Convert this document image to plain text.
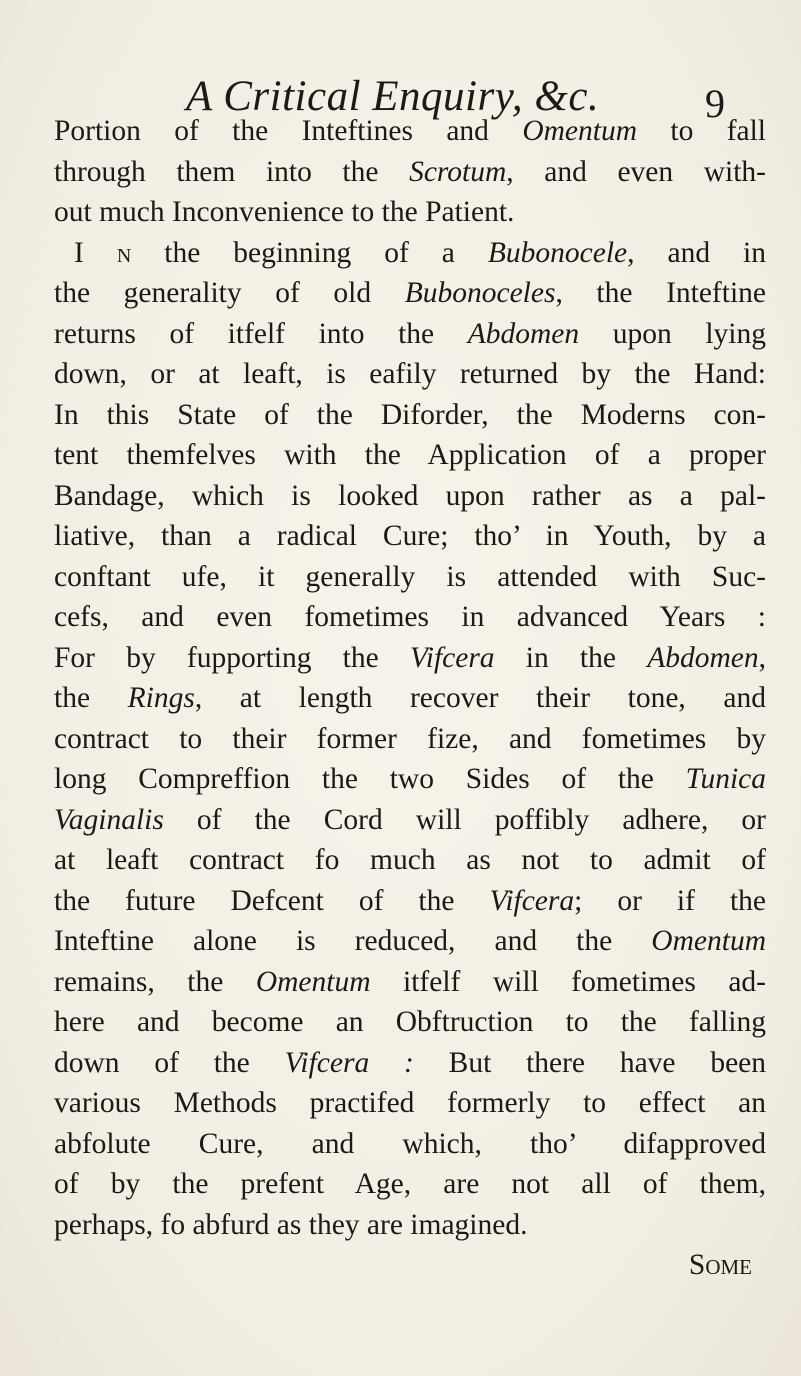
A Critical Enquiry, &c.	9
Portion of the Inteftines and Omentum to fall
through them into the Scrotum, and even with-
out much Inconvenience to the Patient.
I n the beginning of a Bubonocele, and in
the generality of old Bubonoceles, the Inteftine
returns of itfelf into the Abdomen upon lying
down, or at leaft, is eafily returned by the Hand:
In this State of the Diforder, the Moderns con-
tent themfelves with the Application of a proper
Bandage, which is looked upon rather as a pal-
liative, than a radical Cure; tho’ in Youth, by a
conftant ufe, it generally is attended with Suc-
cefs, and even fometimes in advanced Years :
For by fupporting the Vifcera in the Abdomen,
the Rings, at length recover their tone, and
contract to their former fize, and fometimes by
long Compreffion the two Sides of the Tunica
Vaginalis of the Cord will poffibly adhere, or
at leaft contract fo much as not to admit of
the future Defcent of the Vifcera; or if the
Inteftine alone is reduced, and the Omentum
remains, the Omentum itfelf will fometimes ad-
here and become an Obftruction to the falling
down of the Vifcera : But there have been
various Methods practifed formerly to effect an
abfolute Cure, and which, tho’ difapproved
of by the prefent Age, are not all of them,
perhaps, fo abfurd as they are imagined.
Some
